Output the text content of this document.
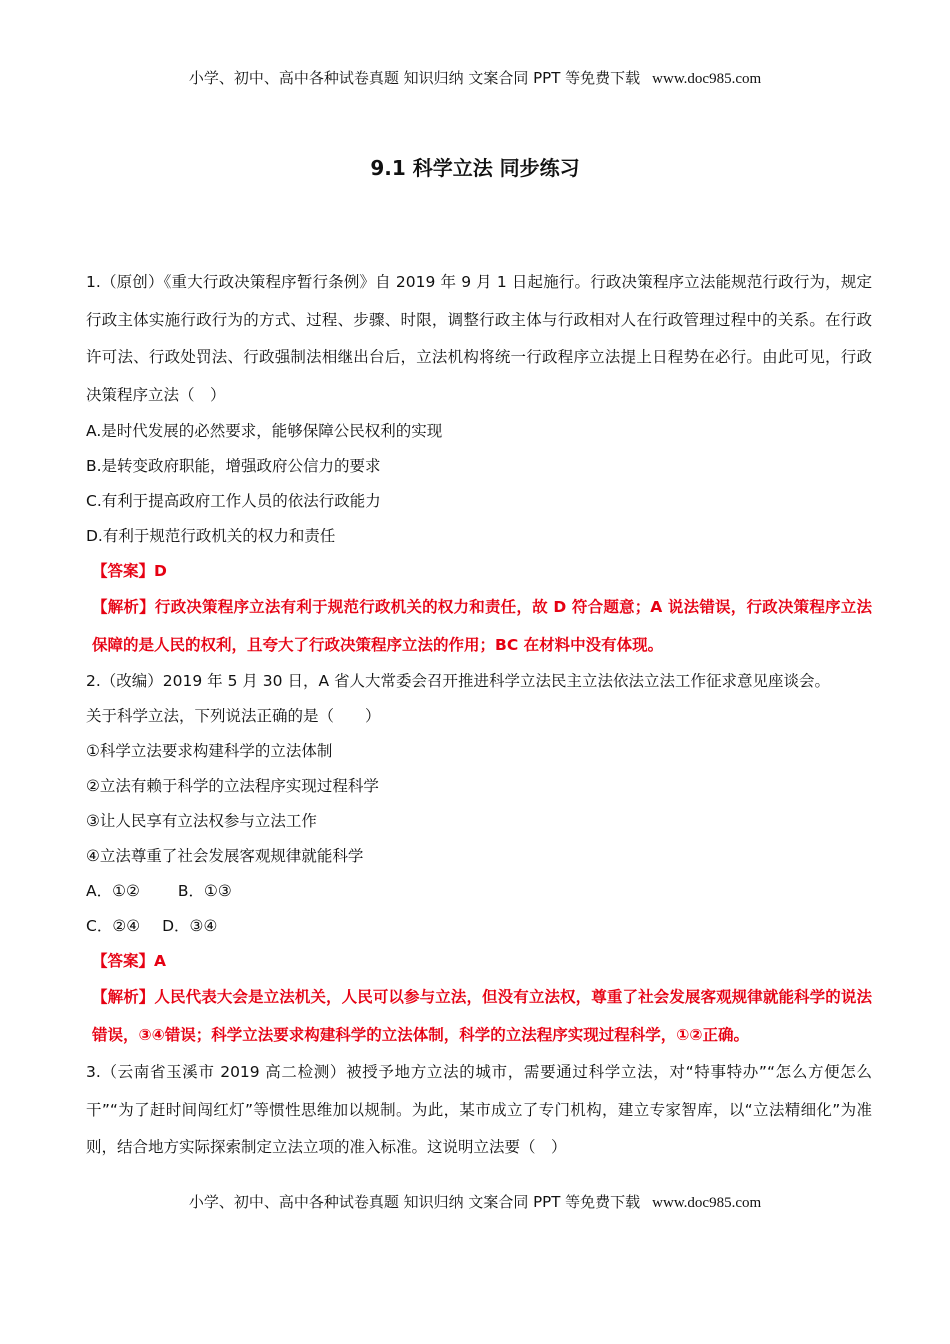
小学、初中、高中各种试卷真题 知识归纳 文案合同 PPT 等免费下载 www.doc985.com
9.1 科学立法 同步练习
1.（原创）《重大行政决策程序暂行条例》自 2019 年 9 月 1 日起施行。行政决策程序立法能规范行政行为，规定行政主体实施行政行为的方式、过程、步骤、时限，调整行政主体与行政相对人在行政管理过程中的关系。在行政许可法、行政处罚法、行政强制法相继出台后，立法机构将统一行政程序立法提上日程势在必行。由此可见，行政决策程序立法（　）
A.是时代发展的必然要求，能够保障公民权利的实现
B.是转变政府职能，增强政府公信力的要求
C.有利于提高政府工作人员的依法行政能力
D.有利于规范行政机关的权力和责任
【答案】D
【解析】行政决策程序立法有利于规范行政机关的权力和责任，故 D 符合题意；A 说法错误，行政决策程序立法保障的是人民的权利，且夸大了行政决策程序立法的作用；BC 在材料中没有体现。
2.（改编）2019 年 5 月 30 日，A 省人大常委会召开推进科学立法民主立法依法立法工作征求意见座谈会。
关于科学立法，下列说法正确的是（　　）
①科学立法要求构建科学的立法体制
②立法有赖于科学的立法程序实现过程科学
③让人民享有立法权参与立法工作
④立法尊重了社会发展客观规律就能科学
A．①② B．①③
C．②④ D．③④
【答案】A
【解析】人民代表大会是立法机关，人民可以参与立法，但没有立法权，尊重了社会发展客观规律就能科学的说法错误，③④错误；科学立法要求构建科学的立法体制，科学的立法程序实现过程科学，①②正确。
3.（云南省玉溪市 2019 高二检测）被授予地方立法的城市，需要通过科学立法，对“特事特办”“怎么方便怎么干”“为了赶时间闯红灯”等惯性思维加以规制。为此，某市成立了专门机构，建立专家智库，以“立法精细化”为准则，结合地方实际探索制定立法立项的准入标准。这说明立法要（　）
小学、初中、高中各种试卷真题 知识归纳 文案合同 PPT 等免费下载 www.doc985.com
